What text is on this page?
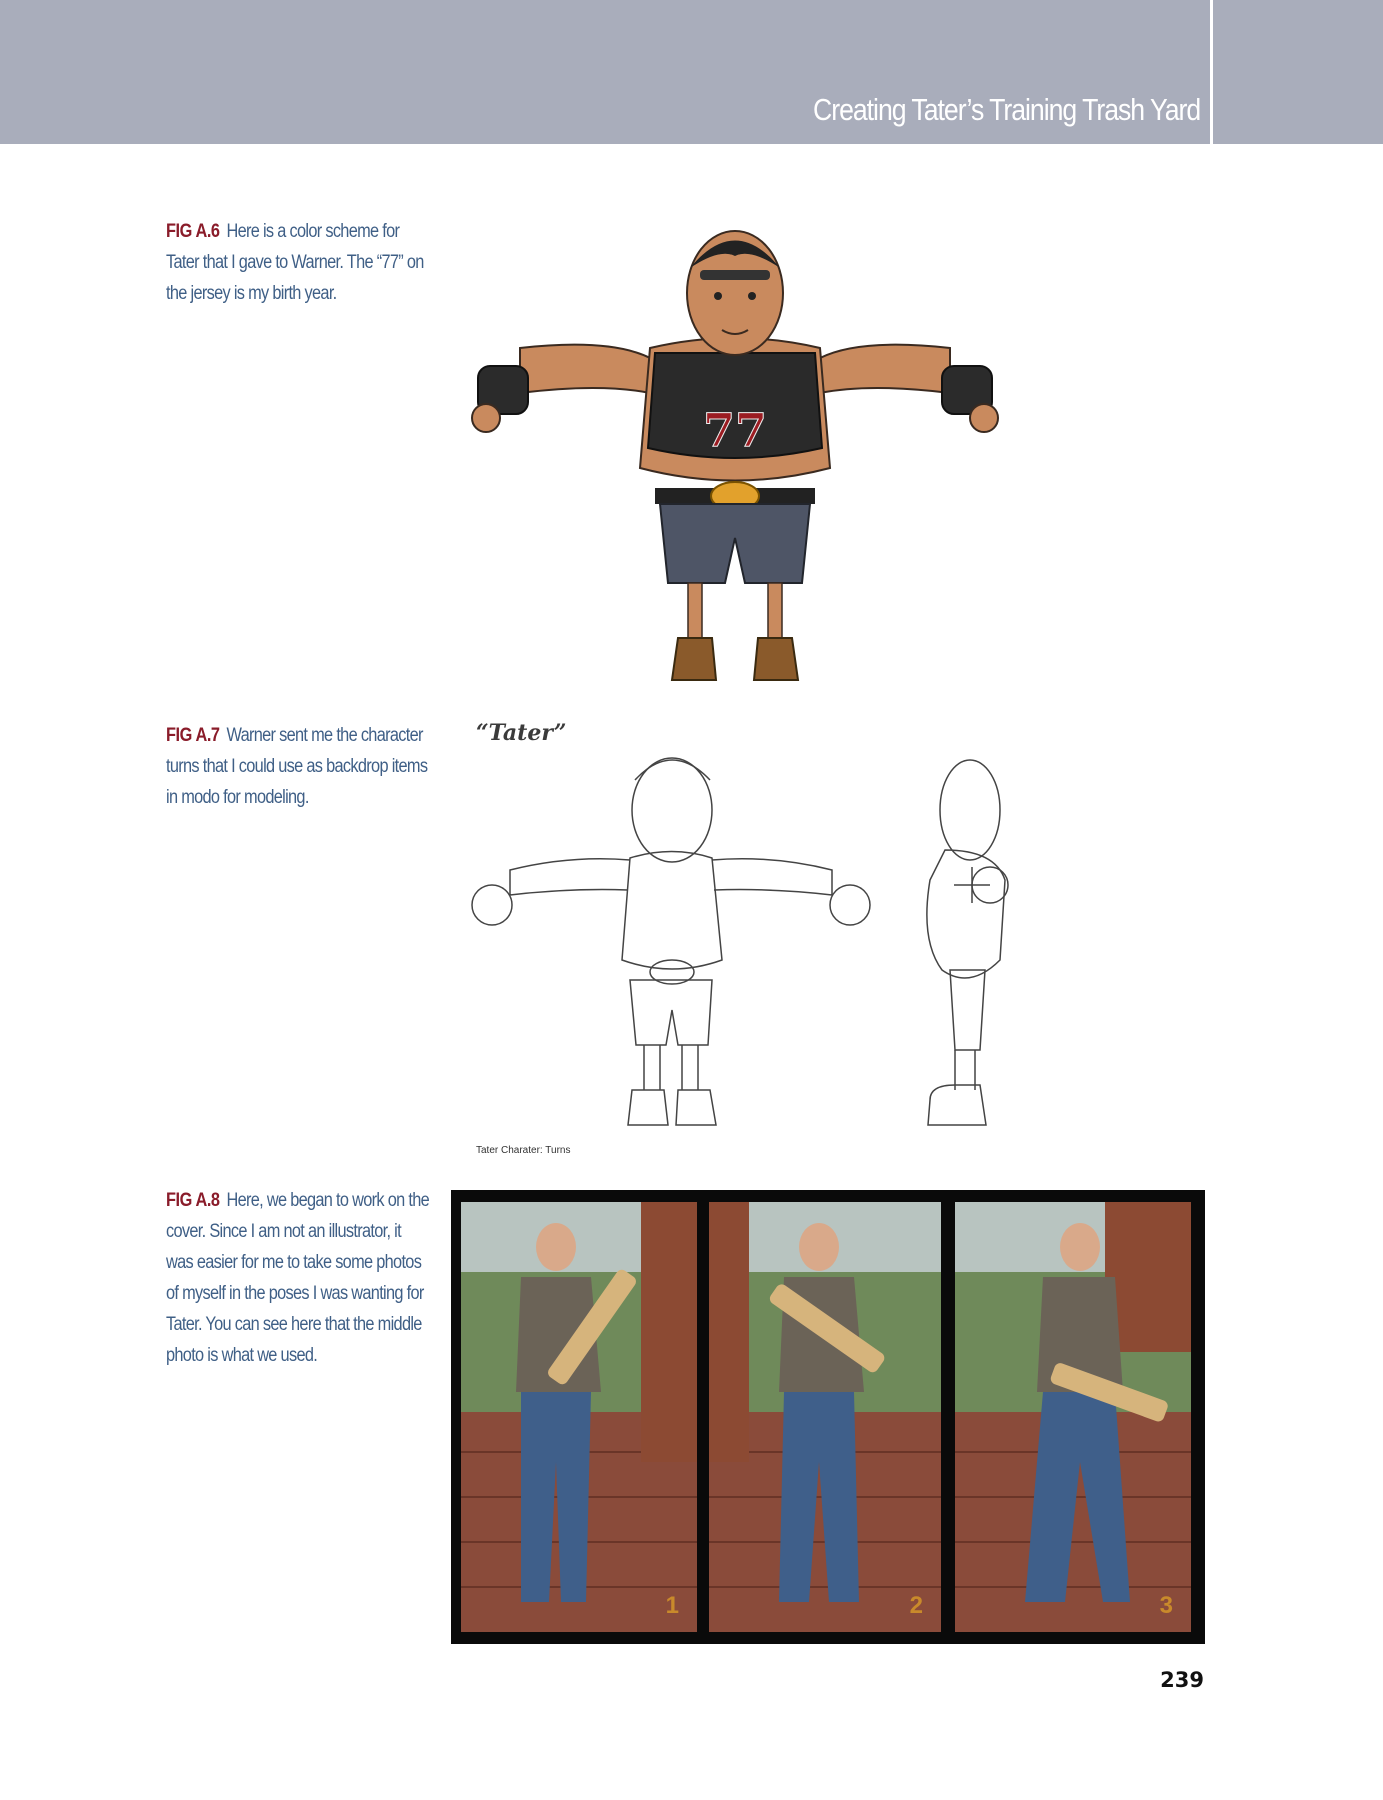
Creating Tater’s Training Trash Yard
FIG A.6 Here is a color scheme for Tater that I gave to Warner. The “77” on the jersey is my birth year.
77
FIG A.7 Warner sent me the character turns that I could use as backdrop items in modo for modeling.
“Tater”
Tater Charater: Turns
FIG A.8 Here, we began to work on the cover. Since I am not an illustrator, it was easier for me to take some photos of myself in the poses I was wanting for Tater. You can see here that the middle photo is what we used.
1	2	3
239
